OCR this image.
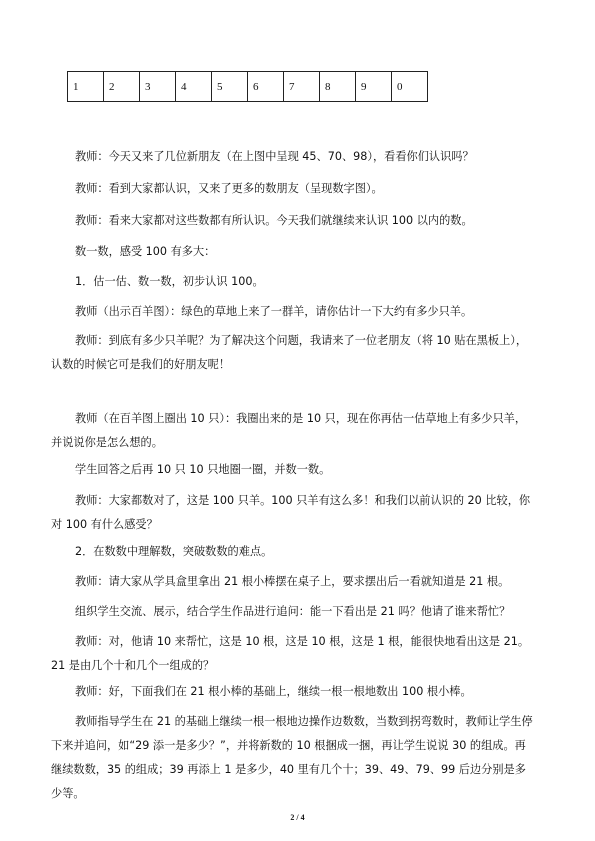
1	2	3	4	5	6	7	8	9	0

教师：今天又来了几位新朋友（在上图中呈现 45、70、98），看看你们认识吗？

教师：看到大家都认识，又来了更多的数朋友（呈现数字图）。

教师：看来大家都对这些数都有所认识。今天我们就继续来认识 100 以内的数。

数一数，感受 100 有多大：

1．估一估、数一数，初步认识 100。

教师（出示百羊图）：绿色的草地上来了一群羊，请你估计一下大约有多少只羊。

教师：到底有多少只羊呢？为了解决这个问题，我请来了一位老朋友（将 10 贴在黑板上），认数的时候它可是我们的好朋友呢！

教师（在百羊图上圈出 10 只）：我圈出来的是 10 只，现在你再估一估草地上有多少只羊，并说说你是怎么想的。

学生回答之后再 10 只 10 只地圈一圈，并数一数。

教师：大家都数对了，这是 100 只羊。100 只羊有这么多！和我们以前认识的 20 比较，你对 100 有什么感受？

2．在数数中理解数，突破数数的难点。

教师：请大家从学具盒里拿出 21 根小棒摆在桌子上，要求摆出后一看就知道是 21 根。

组织学生交流、展示，结合学生作品进行追问：能一下看出是 21 吗？他请了谁来帮忙？

教师：对，他请 10 来帮忙，这是 10 根，这是 10 根，这是 1 根，能很快地看出这是 21。21 是由几个十和几个一组成的？

教师：好，下面我们在 21 根小棒的基础上，继续一根一根地数出 100 根小棒。

教师指导学生在 21 的基础上继续一根一根地边操作边数数，当数到拐弯数时，教师让学生停下来并追问，如“29 添一是多少？”，并将新数的 10 根捆成一捆，再让学生说说 30 的组成。再继续数数，35 的组成；39 再添上 1 是多少，40 里有几个十；39、49、79、99 后边分别是多少等。

2 / 4
